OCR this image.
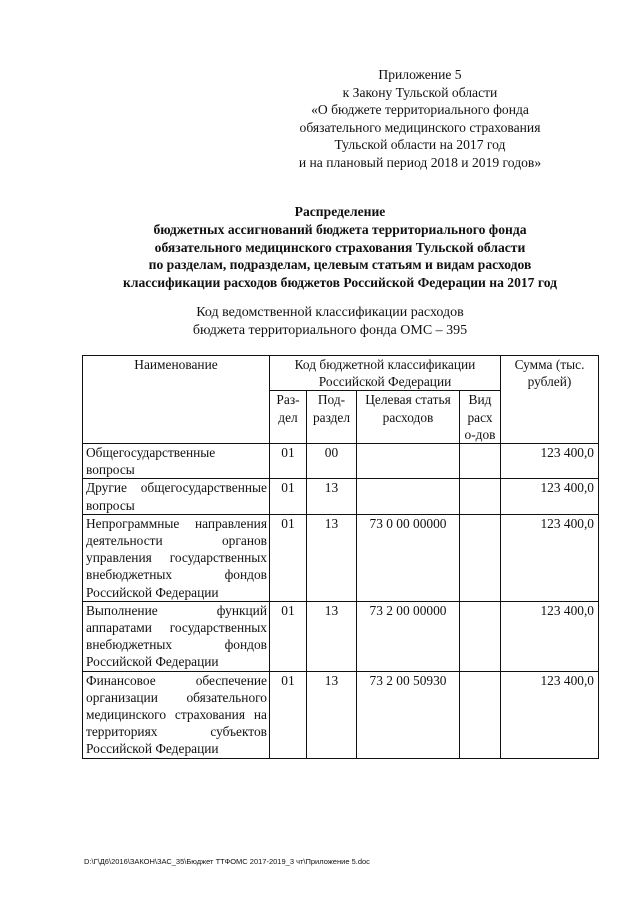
Приложение 5
к Закону Тульской области
«О бюджете территориального фонда
обязательного медицинского страхования
Тульской области на 2017 год
и на плановый период 2018 и 2019 годов»
Распределение
бюджетных ассигнований бюджета территориального фонда
обязательного медицинского страхования Тульской области
по разделам, подразделам, целевым статьям и видам расходов
классификации расходов бюджетов Российской Федерации на 2017 год
Код ведомственной классификации расходов
бюджета территориального фонда ОМС – 395
Наименование	Код бюджетной классификации Российской Федерации				Сумма (тыс. рублей)
	Раз-дел	Под-раздел	Целевая статья расходов	Вид расх о-дов	
Общегосударственные вопросы	01	00			123 400,0
Другие общегосударственные вопросы	01	13			123 400,0
Непрограммные направления деятельности органов управления государственных внебюджетных фондов Российской Федерации	01	13	73 0 00 00000		123 400,0
Выполнение функций аппаратами государственных внебюджетных фондов Российской Федерации	01	13	73 2 00 00000		123 400,0
Финансовое обеспечение организации обязательного медицинского страхования на территориях субъектов Российской Федерации	01	13	73 2 00 50930		123 400,0
D:\Г\Д6\2016\ЗАКОН\ЗАС_35\Бюджет ТТФОМС 2017-2019_3 чт\Приложение 5.doc
